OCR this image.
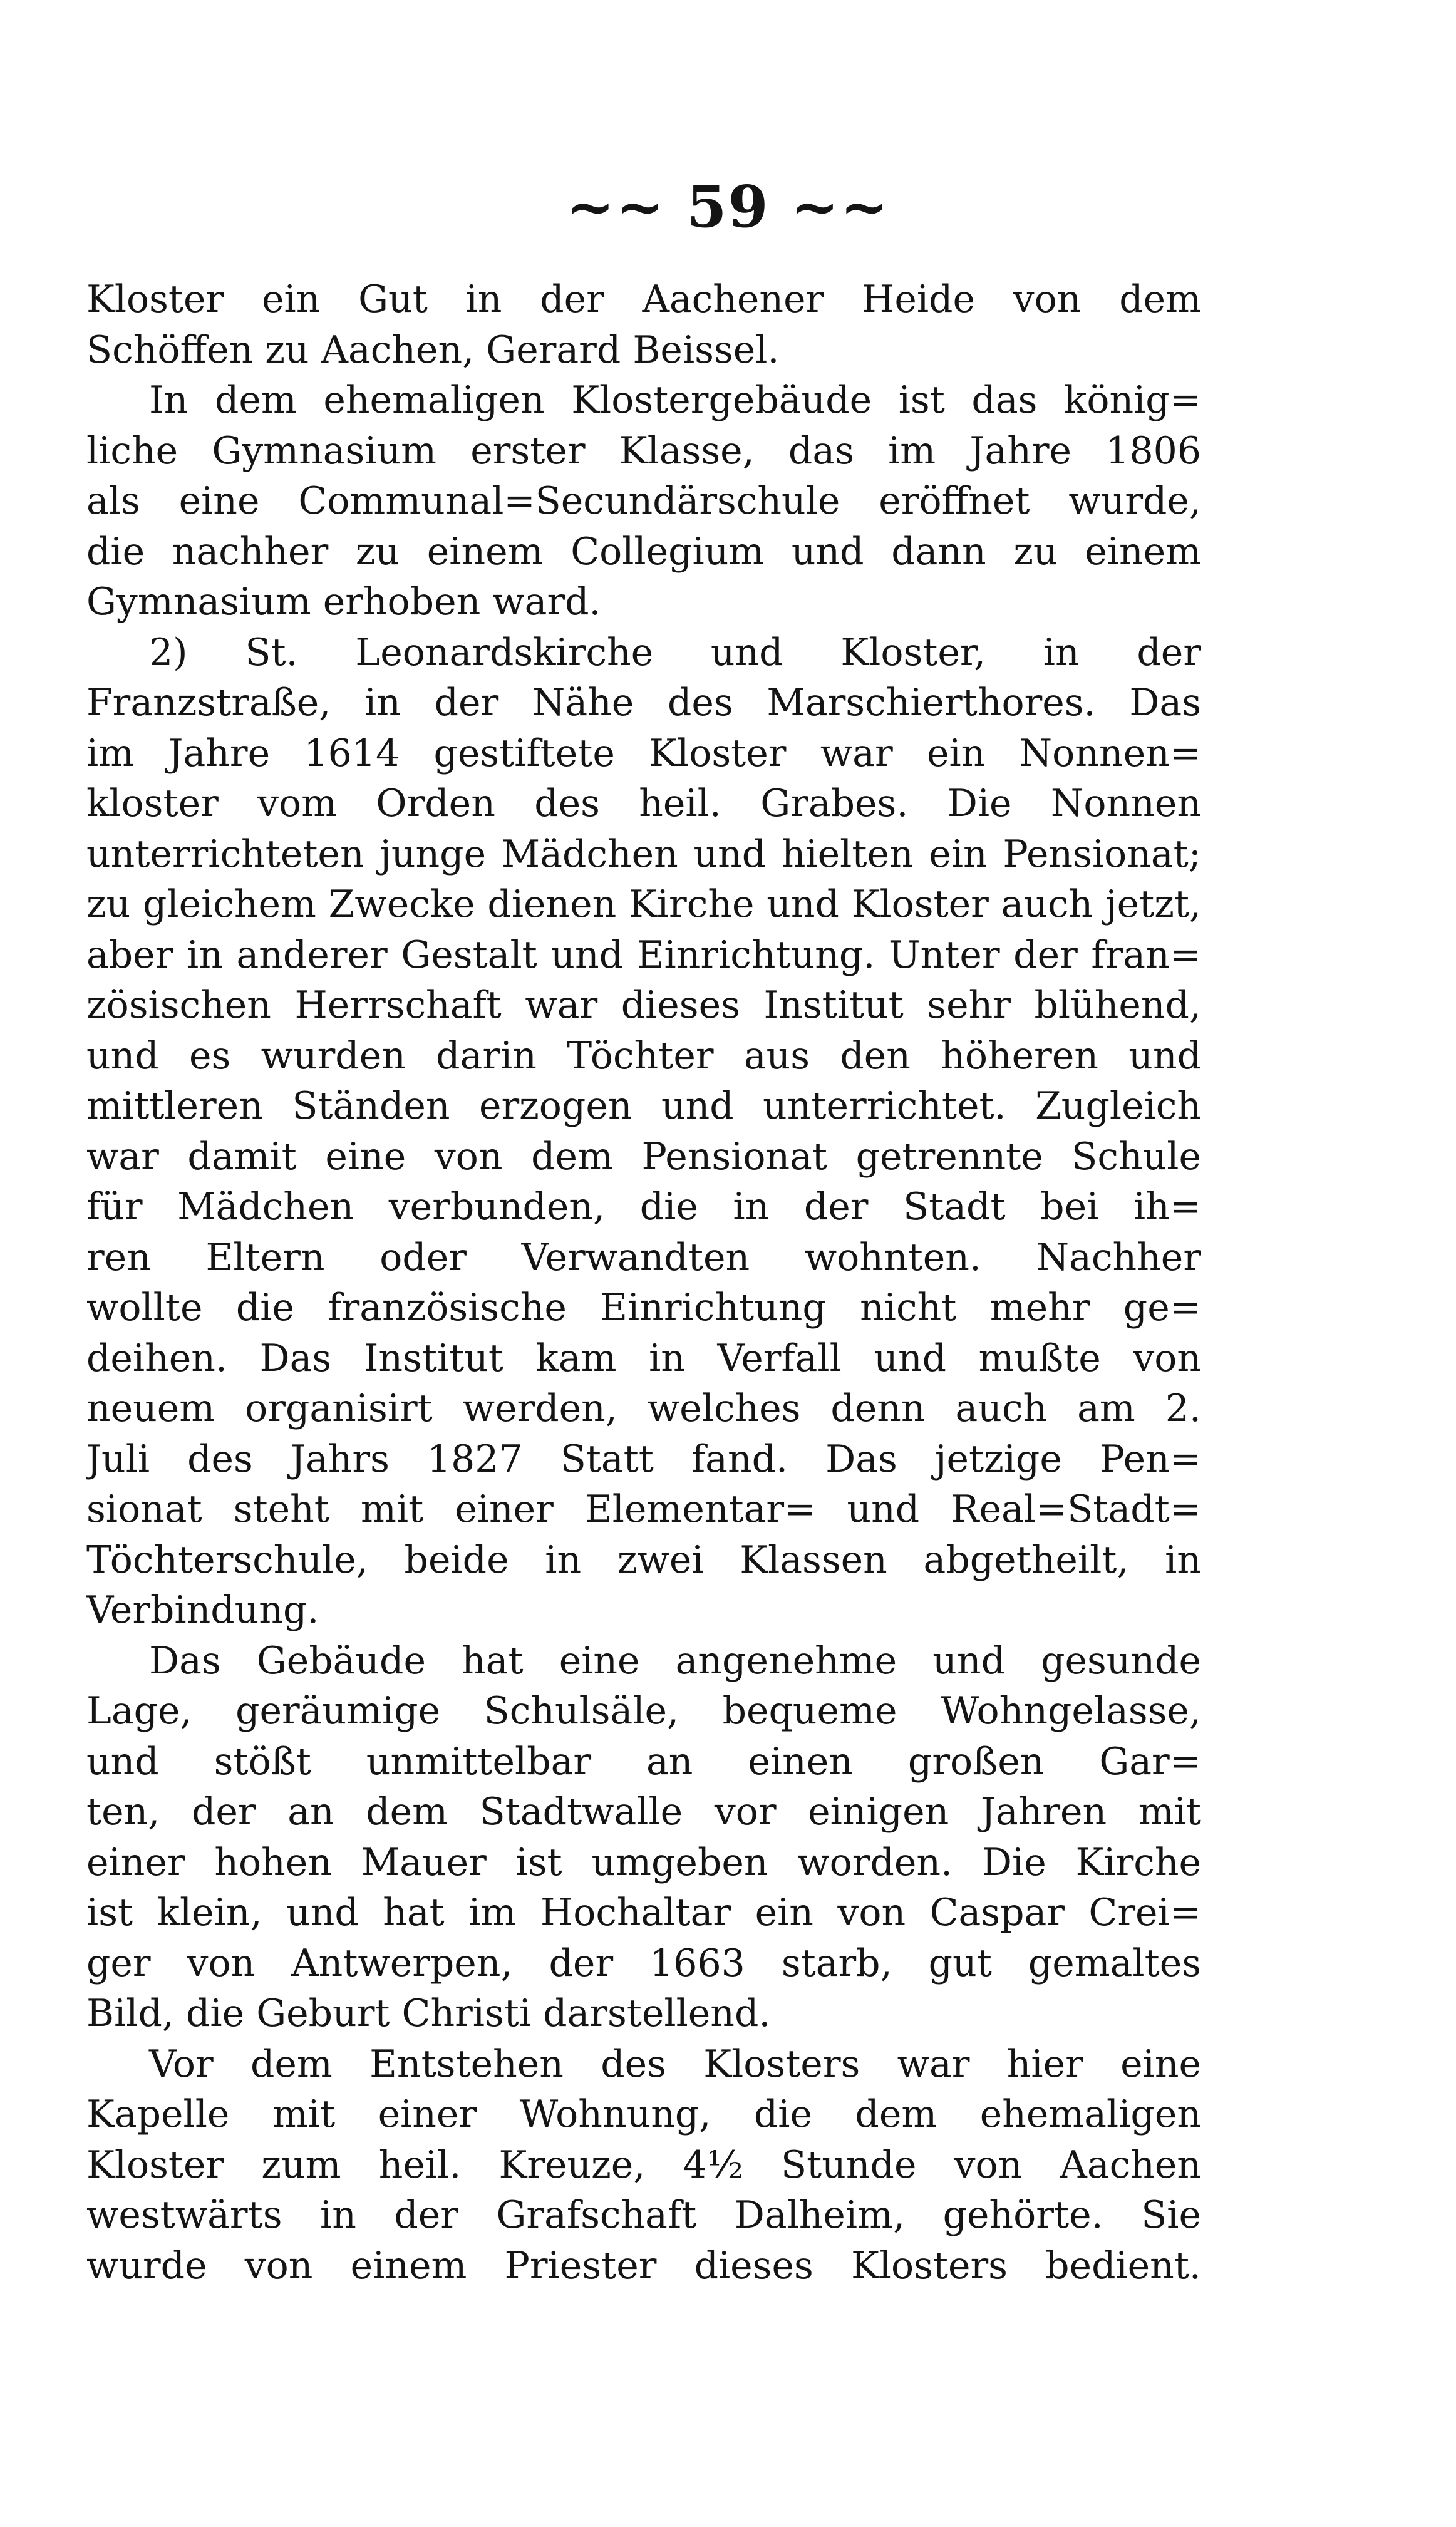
~~ 59 ~~
Kloster ein Gut in der Aachener Heide von dem
Schöffen zu Aachen, Gerard Beissel.
In dem ehemaligen Klostergebäude ist das könig=
liche Gymnasium erster Klasse, das im Jahre 1806
als eine Communal=Secundärschule eröffnet wurde,
die nachher zu einem Collegium und dann zu einem
Gymnasium erhoben ward.
2) St. Leonardskirche und Kloster, in der
Franzstraße, in der Nähe des Marschierthores. Das
im Jahre 1614 gestiftete Kloster war ein Nonnen=
kloster vom Orden des heil. Grabes. Die Nonnen
unterrichteten junge Mädchen und hielten ein Pensionat;
zu gleichem Zwecke dienen Kirche und Kloster auch jetzt,
aber in anderer Gestalt und Einrichtung. Unter der fran=
zösischen Herrschaft war dieses Institut sehr blühend,
und es wurden darin Töchter aus den höheren und
mittleren Ständen erzogen und unterrichtet. Zugleich
war damit eine von dem Pensionat getrennte Schule
für Mädchen verbunden, die in der Stadt bei ih=
ren Eltern oder Verwandten wohnten. Nachher
wollte die französische Einrichtung nicht mehr ge=
deihen. Das Institut kam in Verfall und mußte von
neuem organisirt werden, welches denn auch am 2.
Juli des Jahrs 1827 Statt fand. Das jetzige Pen=
sionat steht mit einer Elementar= und Real=Stadt=
Töchterschule, beide in zwei Klassen abgetheilt, in
Verbindung.
Das Gebäude hat eine angenehme und gesunde
Lage, geräumige Schulsäle, bequeme Wohngelasse,
und stößt unmittelbar an einen großen Gar=
ten, der an dem Stadtwalle vor einigen Jahren mit
einer hohen Mauer ist umgeben worden. Die Kirche
ist klein, und hat im Hochaltar ein von Caspar Crei=
ger von Antwerpen, der 1663 starb, gut gemaltes
Bild, die Geburt Christi darstellend.
Vor dem Entstehen des Klosters war hier eine
Kapelle mit einer Wohnung, die dem ehemaligen
Kloster zum heil. Kreuze, 4½ Stunde von Aachen
westwärts in der Grafschaft Dalheim, gehörte. Sie
wurde von einem Priester dieses Klosters bedient.
